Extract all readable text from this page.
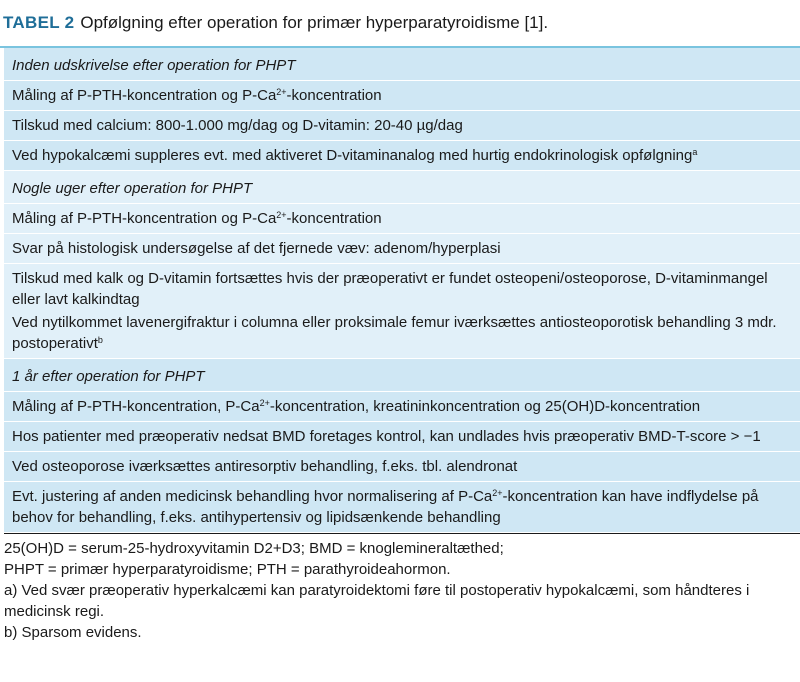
TABEL 2 Opfølgning efter operation for primær hyperparatyroidisme [1].
Inden udskrivelse efter operation for PHPT
Måling af P-PTH-koncentration og $P-Ca^{2+}$-koncentration
Tilskud med calcium: 800-1.000 mg/dag og D-vitamin: 20-40 µg/dag
Ved hypokalcæmi suppleres evt. med aktiveret D-vitaminanalog med hurtig endokrinologisk opfølgning$^a$
Nogle uger efter operation for PHPT
Måling af P-PTH-koncentration og $P-Ca^{2+}$-koncentration
Svar på histologisk undersøgelse af det fjernede væv: adenom/hyperplasi
Tilskud med kalk og D-vitamin fortsættes hvis der præoperativt er fundet osteopeni/osteoporose, D-vitaminmangel eller lavt kalkindtag
Ved nytilkommet lavenergifraktur i columna eller proksimale femur iværksættes antiosteoporotisk behandling 3 mdr. postoperativt$^b$
1 år efter operation for PHPT
Måling af P-PTH-koncentration, $P-Ca^{2+}$-koncentration, kreatininkoncentration og 25(OH)D-koncentration
Hos patienter med præoperativ nedsat BMD foretages kontrol, kan undlades hvis præoperativ BMD-T-score > −1
Ved osteoporose iværksættes antiresorptiv behandling, f.eks. tbl. alendronat
Evt. justering af anden medicinsk behandling hvor normalisering af $P-Ca^{2+}$-koncentration kan have indflydelse på behov for behandling, f.eks. antihypertensiv og lipidsænkende behandling
25(OH)D = serum-25-hydroxyvitamin D2+D3; BMD = knoglemineraltæthed;
PHPT = primær hyperparatyroidisme; PTH = parathyroideahormon.
a) Ved svær præoperativ hyperkalcæmi kan paratyroidektomi føre til postoperativ hypokalcæmi, som håndteres i medicinsk regi.
b) Sparsom evidens.
